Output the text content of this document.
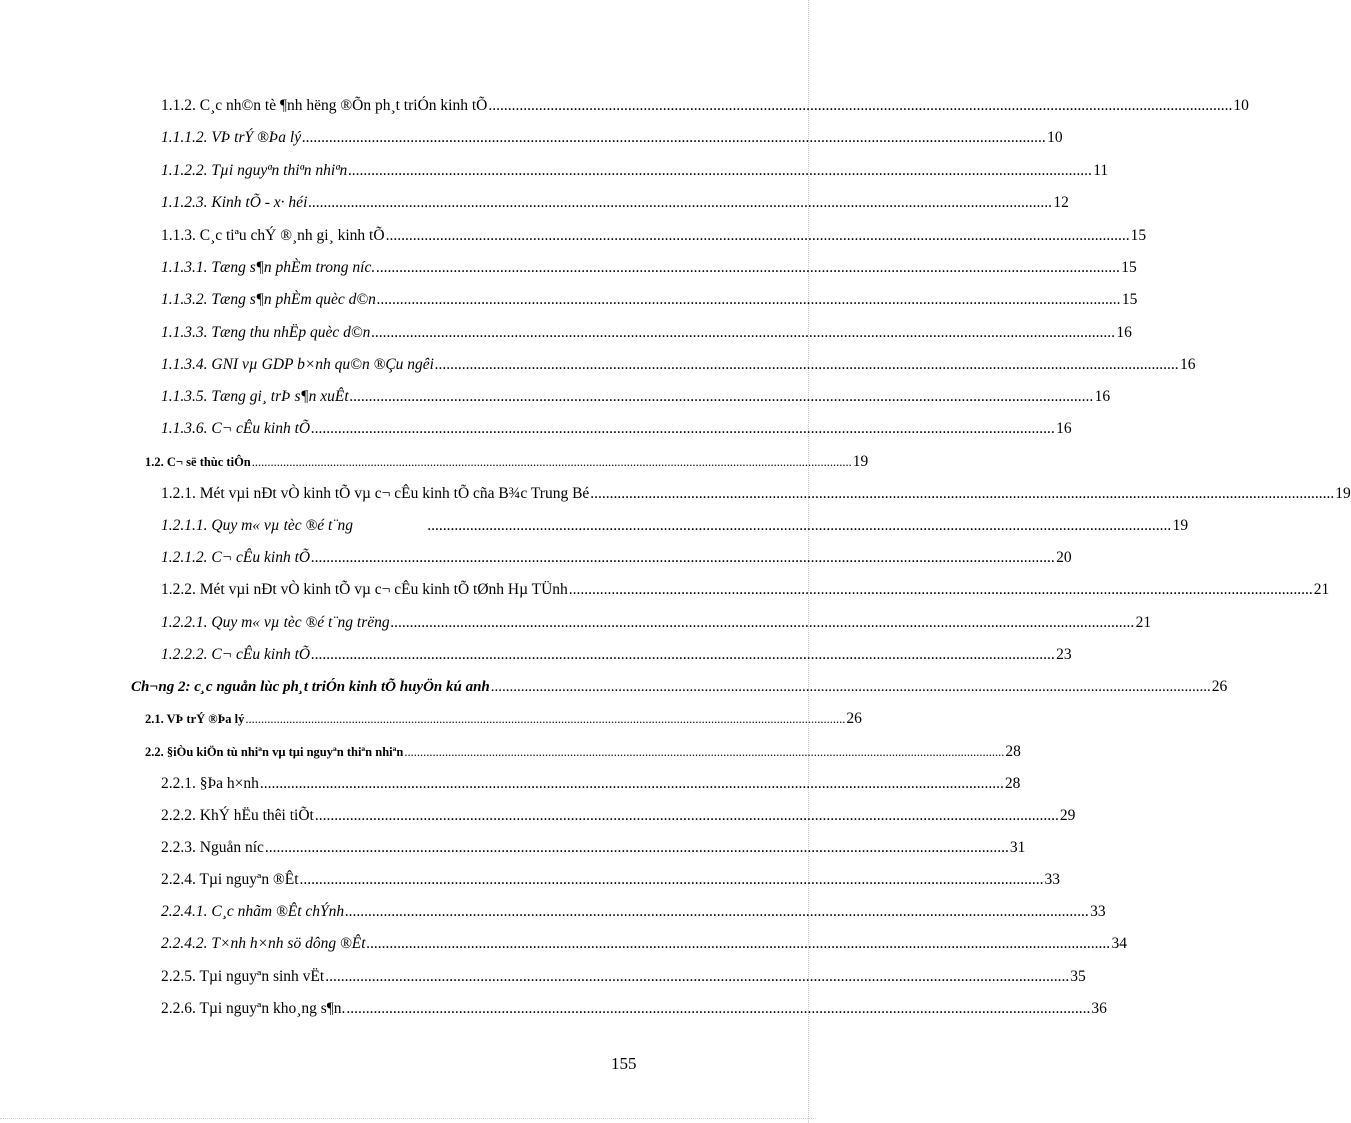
1.1.2. C¸c nh©n tè ¶nh hëng ®Õn ph¸t triÓn kinh tÕ .....	10
1.1.1.2. VÞ trÝ ®Þa lý .....	10
1.1.2.2. Tµi nguyªn thiªn nhiªn .....	11
1.1.2.3. Kinh tÕ - x· héi .....	12
1.1.3. C¸c tiªu chÝ ®¸nh gi¸ kinh tÕ .....	15
1.1.3.1. Tæng s¶n phÈm trong níc. .....	15
1.1.3.2. Tæng s¶n phÈm quèc d©n .....	15
1.1.3.3. Tæng thu nhËp quèc d©n .....	16
1.1.3.4. GNI vµ GDP b×nh qu©n ®Çu ngêi .....	16
1.1.3.5. Tæng gi¸ trÞ s¶n xuÊt .....	16
1.1.3.6. C¬ cÊu kinh tÕ .....	16
1.2. C¬ së thùc tiÔn .....	19
1.2.1. Mét vµi nÐt vÒ kinh tÕ vµ c¬ cÊu kinh tÕ cña B¾c Trung Bé .....	19
1.2.1.1. Quy m« vµ tèc ®é t¨ng .....	19
1.2.1.2. C¬ cÊu kinh tÕ .....	20
1.2.2. Mét vµi nÐt vÒ kinh tÕ vµ c¬ cÊu kinh tÕ tØnh Hµ TÜnh .....	21
1.2.2.1. Quy m« vµ tèc ®é t¨ng trëng .....	21
1.2.2.2. C¬ cÊu kinh tÕ .....	23
Ch¬ng 2: c¸c nguån lùc ph¸t triÓn kinh tÕ huyÖn kú anh .....	26
2.1. VÞ trÝ ®Þa lý .....	26
2.2. §iÒu kiÖn tù nhiªn vµ tµi nguyªn thiªn nhiªn .....	28
2.2.1. §Þa h×nh .....	28
2.2.2. KhÝ hËu thêi tiÕt .....	29
2.2.3. Nguån níc .....	31
2.2.4. Tµi nguyªn ®Êt .....	33
2.2.4.1. C¸c nhãm ®Êt chÝnh .....	33
2.2.4.2. T×nh h×nh sö dông ®Êt .....	34
2.2.5. Tµi nguyªn sinh vËt .....	35
2.2.6. Tµi nguyªn kho¸ng s¶n. .....	36
155
